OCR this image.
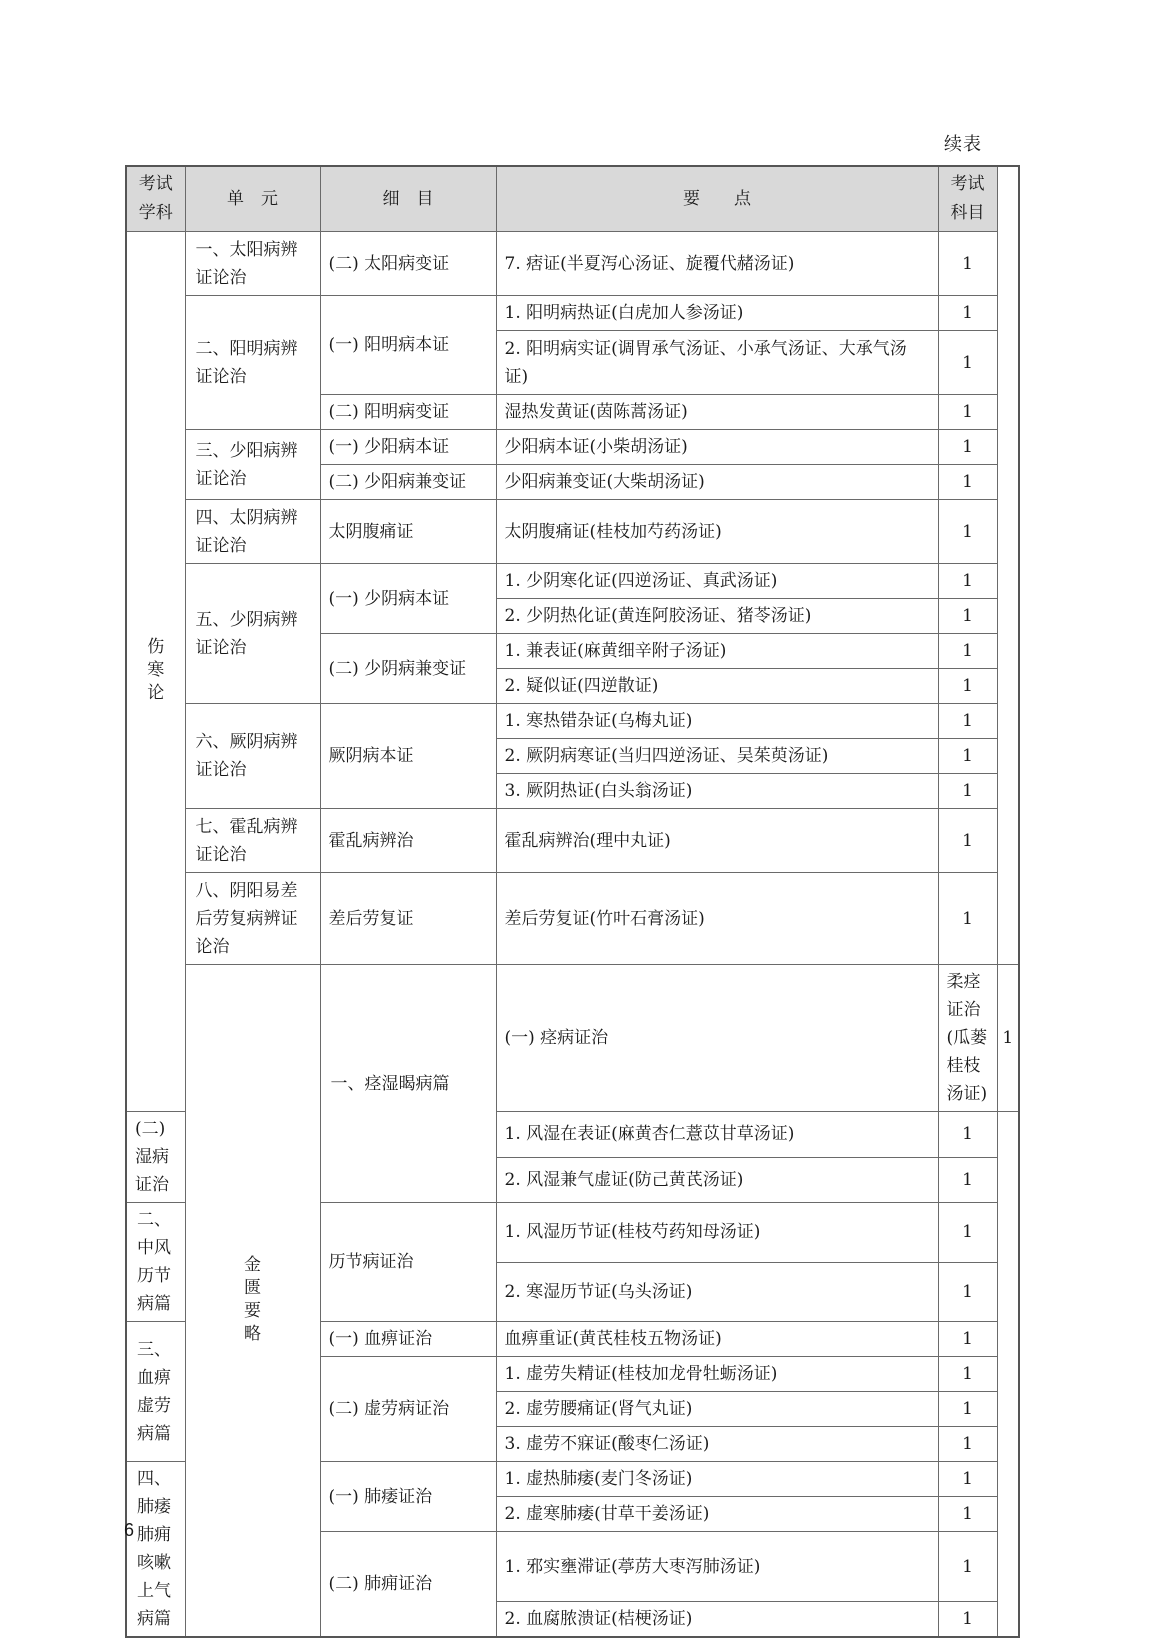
续表
考试学科	单　元	细　目	要　　点	考试科目	
伤寒论	一、太阳病辨证论治	(二) 太阳病变证	7. 痞证(半夏泻心汤证、旋覆代赭汤证)	1	
	二、阳明病辨证论治	(一) 阳明病本证	1. 阳明病热证(白虎加人参汤证)	1	
			2. 阳明病实证(调胃承气汤证、小承气汤证、大承气汤证)	1	
		(二) 阳明病变证	湿热发黄证(茵陈蒿汤证)	1	
	三、少阳病辨证论治	(一) 少阳病本证	少阳病本证(小柴胡汤证)	1	
		(二) 少阳病兼变证	少阳病兼变证(大柴胡汤证)	1	
	四、太阴病辨证论治	太阴腹痛证	太阴腹痛证(桂枝加芍药汤证)	1	
	五、少阴病辨证论治	(一) 少阴病本证	1. 少阴寒化证(四逆汤证、真武汤证)	1	
			2. 少阴热化证(黄连阿胶汤证、猪苓汤证)	1	
		(二) 少阴病兼变证	1. 兼表证(麻黄细辛附子汤证)	1	
			2. 疑似证(四逆散证)	1	
	六、厥阴病辨证论治	厥阴病本证	1. 寒热错杂证(乌梅丸证)	1	
			2. 厥阴病寒证(当归四逆汤证、吴茱萸汤证)	1	
			3. 厥阴热证(白头翁汤证)	1	
	七、霍乱病辨证论治	霍乱病辨治	霍乱病辨治(理中丸证)	1	
	八、阴阳易差后劳复病辨证论治	差后劳复证	差后劳复证(竹叶石膏汤证)	1	
	金匮要略	一、痉湿暍病篇	(一) 痉病证治	柔痉证治(瓜蒌桂枝汤证)	1
(二) 湿病证治			1. 风湿在表证(麻黄杏仁薏苡甘草汤证)	1	
			2. 风湿兼气虚证(防己黄芪汤证)	1	
二、中风历节病篇		历节病证治	1. 风湿历节证(桂枝芍药知母汤证)	1	
			2. 寒湿历节证(乌头汤证)	1	
三、血痹虚劳病篇		(一) 血痹证治	血痹重证(黄芪桂枝五物汤证)	1	
		(二) 虚劳病证治	1. 虚劳失精证(桂枝加龙骨牡蛎汤证)	1	
			2. 虚劳腰痛证(肾气丸证)	1	
			3. 虚劳不寐证(酸枣仁汤证)	1	
四、肺痿肺痈咳嗽上气病篇		(一) 肺痿证治	1. 虚热肺痿(麦门冬汤证)	1	
			2. 虚寒肺痿(甘草干姜汤证)	1	
		(二) 肺痈证治	1. 邪实壅滞证(葶苈大枣泻肺汤证)	1	
			2. 血腐脓溃证(桔梗汤证)	1	
6
